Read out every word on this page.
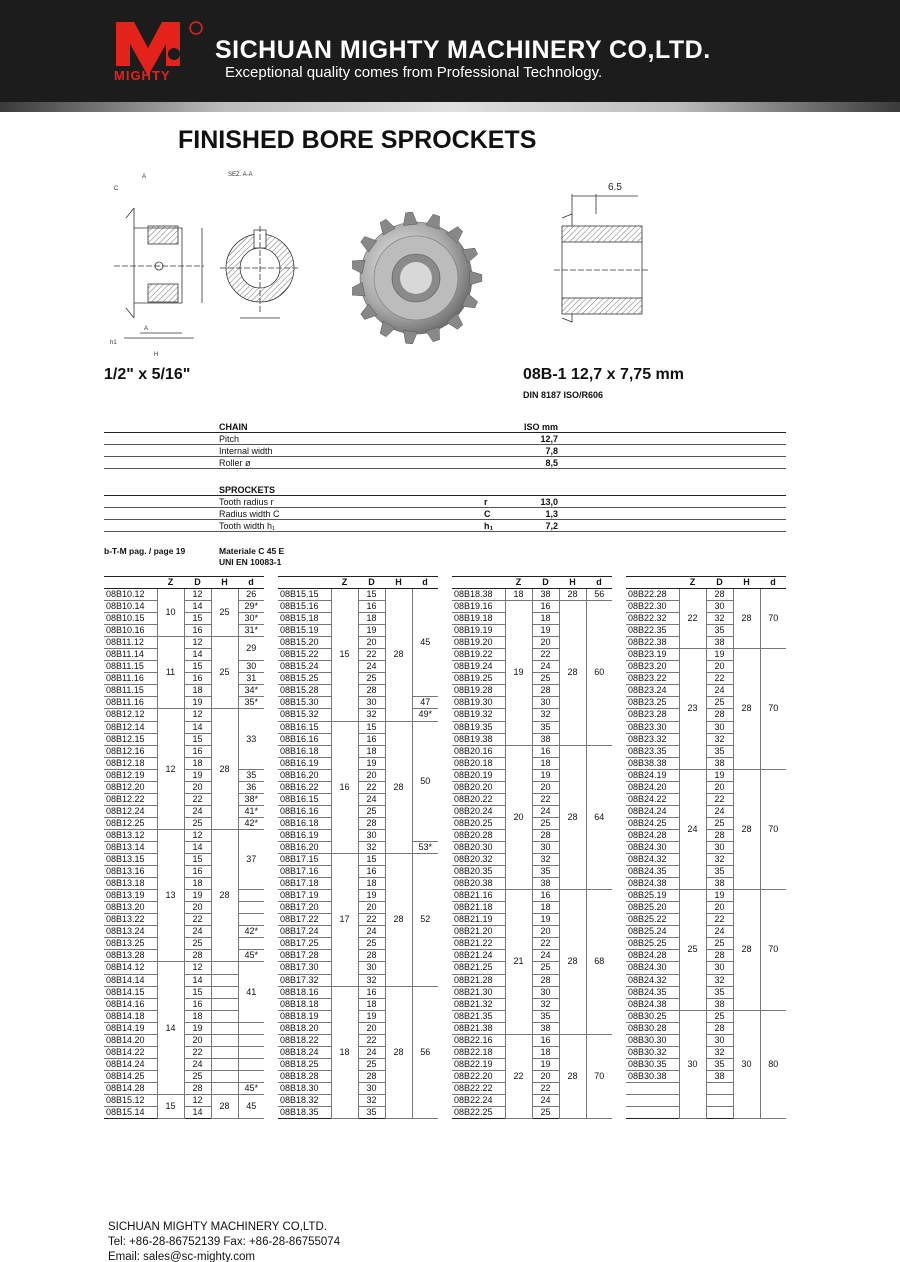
MIGHTY
SICHUAN MIGHTY MACHINERY CO,LTD.
Exceptional quality comes from Professional Technology.
FINISHED BORE SPROCKETS
A
C
A
h1
H
SEZ. A-A
6.5
1/2" x 5/16"	08B-1 12,7 x 7,75 mm
DIN 8187 ISO/R606
CHAIN	ISO mm
Pitch	12,7
Internal width	7,8
Roller ø	8,5
SPROCKETS
Tooth radius r	r	13,0
Radius width C	C	1,3
Tooth width h₁	h₁	7,2
b-T-M pag. / page 19	Materiale C 45 E
UNI EN 10083-1
	Z	D	H	d
08B10.12	10	12	25	26
08B10.14		14		29*
08B10.15		15		30*
08B10.16		16		31*
08B11.12	11	12	25	29
08B11.14		14		
08B11.15		15		30
08B11.16		16		31
08B11.15		18		34*
08B11.16		19		35*
08B12.12	12	12	28	33
08B12.14		14		
08B12.15		15		
08B12.16		16		
08B12.18		18		
08B12.19		19		35
08B12.20		20		36
08B12.22		22		38*
08B12.24		24		41*
08B12.25		25		42*
08B13.12	13	12	28	37
08B13.14		14		
08B13.15		15		
08B13.16		16		
08B13.18		18		
08B13.19		19		
08B13.20		20		
08B13.22		22		
08B13.24		24		42*
08B13.25		25		
08B13.28		28		45*
08B14.12	14	12		41
08B14.14		14		
08B14.15		15		
08B14.16		16		
08B14.18		18		
08B14.19		19		
08B14.20		20		
08B14.22		22		
08B14.24		24		
08B14.25		25		
08B14.28		28		45*
08B15.12	15	12	28	45
08B15.14		14		
	Z	D	H	d
08B15.15	15	15	28	45
08B15.16		16		
08B15.18		18		
08B15.19		19		
08B15.20		20		
08B15.22		22		
08B15.24		24		
08B15.25		25		
08B15.28		28		
08B15.30		30		47
08B15.32		32		49*
08B16.15	16	15	28	50
08B16.16		16		
08B16.18		18		
08B16.19		19		
08B16.20		20		
08B16.22		22		
08B16.15		24		
08B16.16		25		
08B16.18		28		
08B16.19		30		
08B16.20		32		53*
08B17.15	17	15	28	52
08B17.16		16		
08B17.18		18		
08B17.19		19		
08B17.20		20		
08B17.22		22		
08B17.24		24		
08B17.25		25		
08B17.28		28		
08B17.30		30		
08B17.32		32		
08B18.16	18	16	28	56
08B18.18		18		
08B18.19		19		
08B18.20		20		
08B18.22		22		
08B18.24		24		
08B18.25		25		
08B18.28		28		
08B18.30		30		
08B18.32		32		
08B18.35		35		
	Z	D	H	d
08B18.38	18	38	28	56
08B19.16	19	16	28	60
08B19.18		18		
08B19.19		19		
08B19.20		20		
08B19.22		22		
08B19.24		24		
08B19.25		25		
08B19.28		28		
08B19.30		30		
08B19.32		32		
08B19.35		35		
08B19.38		38		
08B20.16	20	16	28	64
08B20.18		18		
08B20.19		19		
08B20.20		20		
08B20.22		22		
08B20.24		24		
08B20.25		25		
08B20.28		28		
08B20.30		30		
08B20.32		32		
08B20.35		35		
08B20.38		38		
08B21.16	21	16	28	68
08B21.18		18		
08B21.19		19		
08B21.20		20		
08B21.22		22		
08B21.24		24		
08B21.25		25		
08B21.28		28		
08B21.30		30		
08B21.32		32		
08B21.35		35		
08B21.38		38		
08B22.16	22	16	28	70
08B22.18		18		
08B22.19		19		
08B22.20		20		
08B22.22		22		
08B22.24		24		
08B22.25		25		
	Z	D	H	d
08B22.28	22	28	28	70
08B22.30		30		
08B22.32		32		
08B22.35		35		
08B22.38		38		
08B23.19	23	19	28	70
08B23.20		20		
08B23.22		22		
08B23.24		24		
08B23.25		25		
08B23.28		28		
08B23.30		30		
08B23.32		32		
08B23.35		35		
08B38.38		38		
08B24.19	24	19	28	70
08B24.20		20		
08B24.22		22		
08B24.24		24		
08B24.25		25		
08B24.28		28		
08B24.30		30		
08B24.32		32		
08B24.35		35		
08B24.38		38		
08B25.19	25	19	28	70
08B25.20		20		
08B25.22		22		
08B25.24		24		
08B25.25		25		
08B24.28		28		
08B24.30		30		
08B24.32		32		
08B24.35		35		
08B24.38		38		
08B30.25	30	25	30	80
08B30.28		28		
08B30.30		30		
08B30.32		32		
08B30.35		35		
08B30.38		38		

SICHUAN MIGHTY MACHINERY CO,LTD.
Tel: +86-28-86752139 Fax: +86-28-86755074
Email: sales@sc-mighty.com
